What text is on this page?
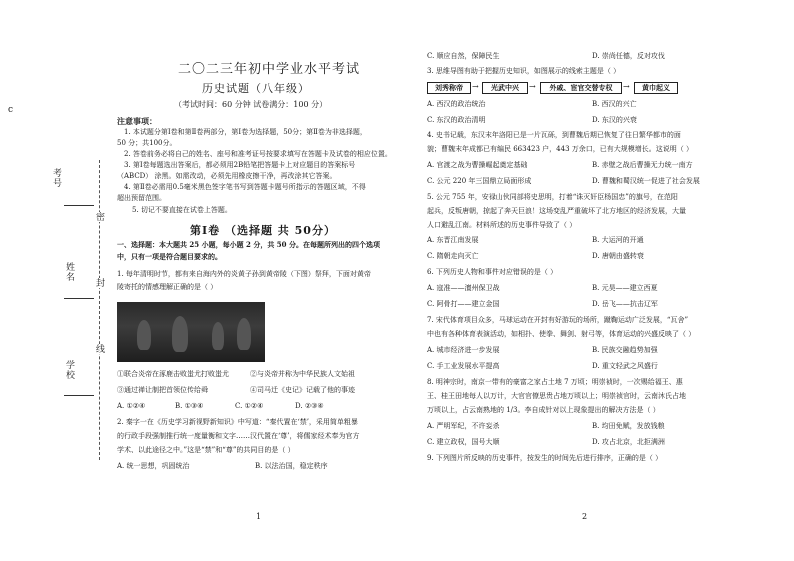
c
考号
姓名
学校
密
封
线
二〇二三年初中学业水平考试
历史试题（八年级）
（考试时间：60 分钟 试卷满分：100 分）
注意事项：
1. 本试题分第Ⅰ卷和第Ⅱ卷两部分，第Ⅰ卷为选择题，50分；第Ⅱ卷为非选择题，
50 分；共100分。
2. 答卷前务必将自己的姓名、座号和准考证号按要求填写在答题卡及试卷的相应位置。
3. 第Ⅰ卷每题选出答案后，都必须用2B铅笔把答题卡上对应题目的答案标号
（ABCD） 涂黑。如需改动，必须先用橡皮擦干净，再改涂其它答案。
4. 第Ⅱ卷必需用0.5毫米黑色签字笔书写到答题卡题号所指示的答题区域，不得
超出预留范围。
5. 切记不要直接在试卷上答题。
第Ⅰ卷 （选择题 共 50分）
一、选择题：本大题共 25 小题，每小题 2 分，共 50 分。在每题所列出的四个选项
中，只有一项是符合题目要求的。
1. 每年清明时节，都有来自海内外的炎黄子孙到黄帝陵（下图）祭拜，下面对黄帝
陵寄托的情感理解正确的是（ ）
①联合炎帝在涿鹿击败蚩尤打败蚩尤	②与炎帝并称为中华民族人文始祖
③通过禅让制把首领位传给舜	④司马迁《史记》记载了他的事迹
A. ①②④	B. ①③④	C. ①②④	D. ②③④
2. 秦字一在《历史学习新视野新知识》中写道：“秦代置在‘禁’，采用简单粗暴
的行政手段强制推行统一度量衡和文字……汉代置在‘尊’，将儒家经术奉为官方
学术、以此途径之中。”这是“禁”和“尊”的共同目的是（ ）
A. 统一思想，巩固统治	B. 以法治国，稳定秩序
1
C. 顺应自然，保障民生	D. 崇尚任德，反对攻伐
3. 思维导图有助于把握历史知识，如图展示的线索主题是（ ）
刘秀称帝	→	光武中兴	→	外戚、宦官交替专权	→	黄巾起义
A. 西汉的政治统治	B. 西汉的兴亡
C. 东汉的政治清明	D. 东汉的兴衰
4. 史书记载，东汉末年洛阳已是一片瓦砾，到曹魏后期已恢复了往日繁华都市的面
貌；曹魏末年成都已有编民 663423 户，443 万余口，已有大规模增长。这说明（ ）
A. 官渡之战为曹操崛起奠定基础	B. 赤壁之战后曹操无力统一南方
C. 公元 220 年三国鼎立局面形成	D. 曹魏和蜀汉统一促进了社会发展
5. 公元 755 年，安禄山伙同部将史思明，打着“诛灭奸臣杨国忠”的旗号，在范阳
起兵，反叛唐朝，掠起了奔天巨浪！这场变乱严重破坏了北方地区的经济发展，大量
人口避乱江南。材料所述的历史事件导致了（ ）
A. 东晋江南发展	B. 大运河的开通
C. 隋朝走向灭亡	D. 唐朝由盛转衰
6. 下列历史人物和事件对应错误的是（ ）
A. 寇准——澶州保卫战	B. 元昊——建立西夏
C. 阿骨打——建立金国	D. 岳飞——抗击辽军
7. 宋代体育项目众多，马球运动在开封有好游玩的场所，蹴鞠运动广泛发展，“瓦舍”
中也有各种体育表演活动，如相扑、使拳、舞剑、射弓等，体育运动的兴盛反映了（ ）
A. 城市经济进一步发展	B. 民族交融趋势加强
C. 手工业发展水平提高	D. 重文轻武之风盛行
8. 明神宗时，南京一带有的豪富之家占土地 7 万顷；明崇祯时，一次赐给福王、惠
王、桂王田地每人以万计，大官官僚思贵占地万顷以上；明崇祯官时，云南沐氏占地
万顷以上，占云南熟地的 1/3。李自成针对以上现象提出的解决方法是（ ）
A. 严明军纪，不许妄杀	B. 均田免赋，发放钱粮
C. 建立政权，国号大顺	D. 攻占北京，北拒满洲
9. 下列图片所反映的历史事件，按发生的时间先后进行排序，正确的是（ ）
2
